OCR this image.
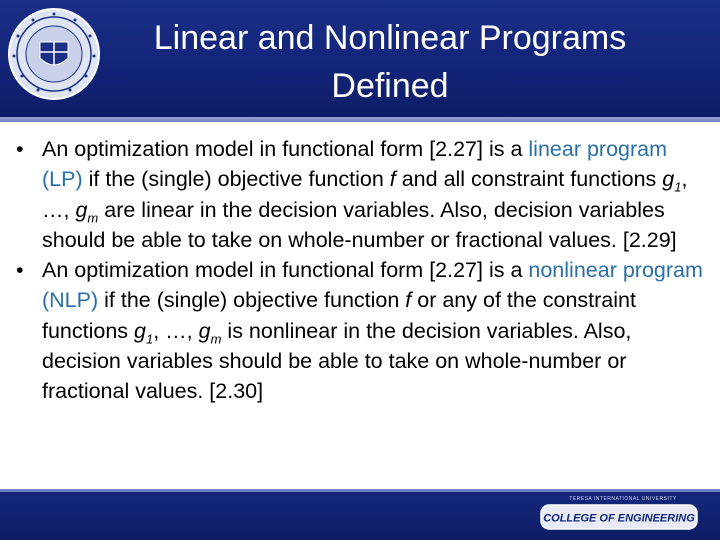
Linear and Nonlinear Programs
Defined
• An optimization model in functional form [2.27] is a linear program (LP) if the (single) objective function f and all constraint functions $g_1$, …, $g_m$ are linear in the decision variables. Also, decision variables should be able to take on whole-number or fractional values. [2.29]
• An optimization model in functional form [2.27] is a nonlinear program (NLP) if the (single) objective function f or any of the constraint functions $g_1$, …, $g_m$ is nonlinear in the decision variables. Also, decision variables should be able to take on whole-number or fractional values. [2.30]
TERESA INTERNATIONAL UNIVERSITY
COLLEGE OF ENGINEERING
